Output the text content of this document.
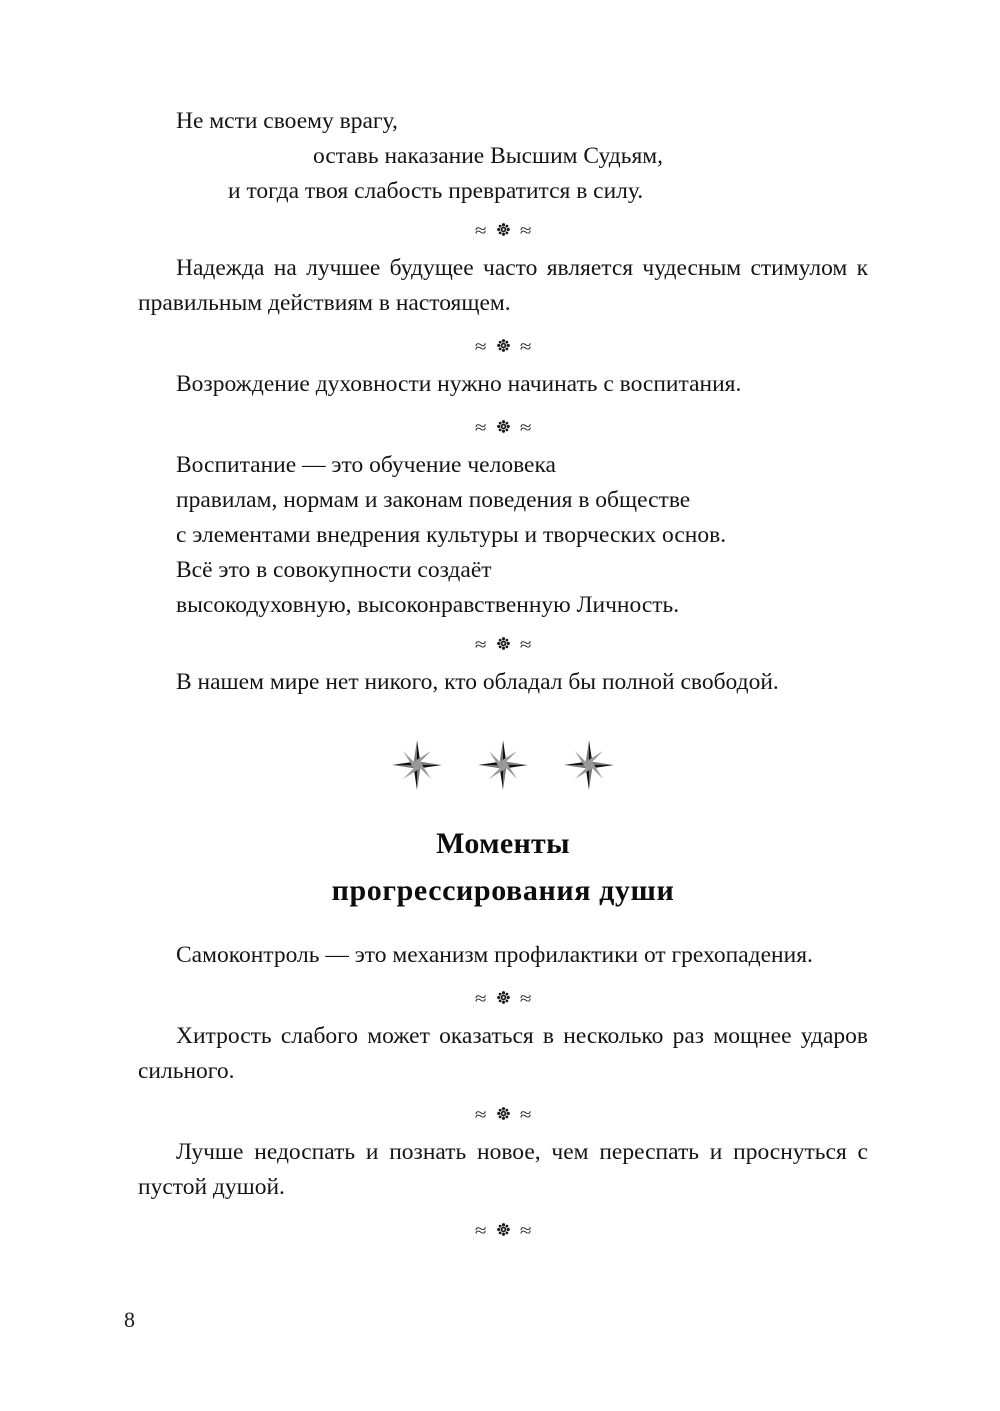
Не мсти своему врагу,
оставь наказание Высшим Судьям,
и тогда твоя слабость превратится в силу.
≈ ≈

Надежда на лучшее будущее часто является чудесным стимулом к правильным действиям в настоящем.

≈ ≈

Возрождение духовности нужно начинать с воспитания.

≈ ≈
Воспитание — это обучение человека
правилам, нормам и законам поведения в обществе
с элементами внедрения культуры и творческих основ.
Всё это в совокупности создаёт
высокодуховную, высоконравственную Личность.
≈ ≈

В нашем мире нет никого, кто обладал бы полной свободой.

Моменты
прогрессирования души

Самоконтроль — это механизм профилактики от грехопадения.

≈ ≈

Хитрость слабого может оказаться в несколько раз мощнее ударов сильного.

≈ ≈

Лучше недоспать и познать новое, чем переспать и проснуться с пустой душой.

≈ ≈
8
